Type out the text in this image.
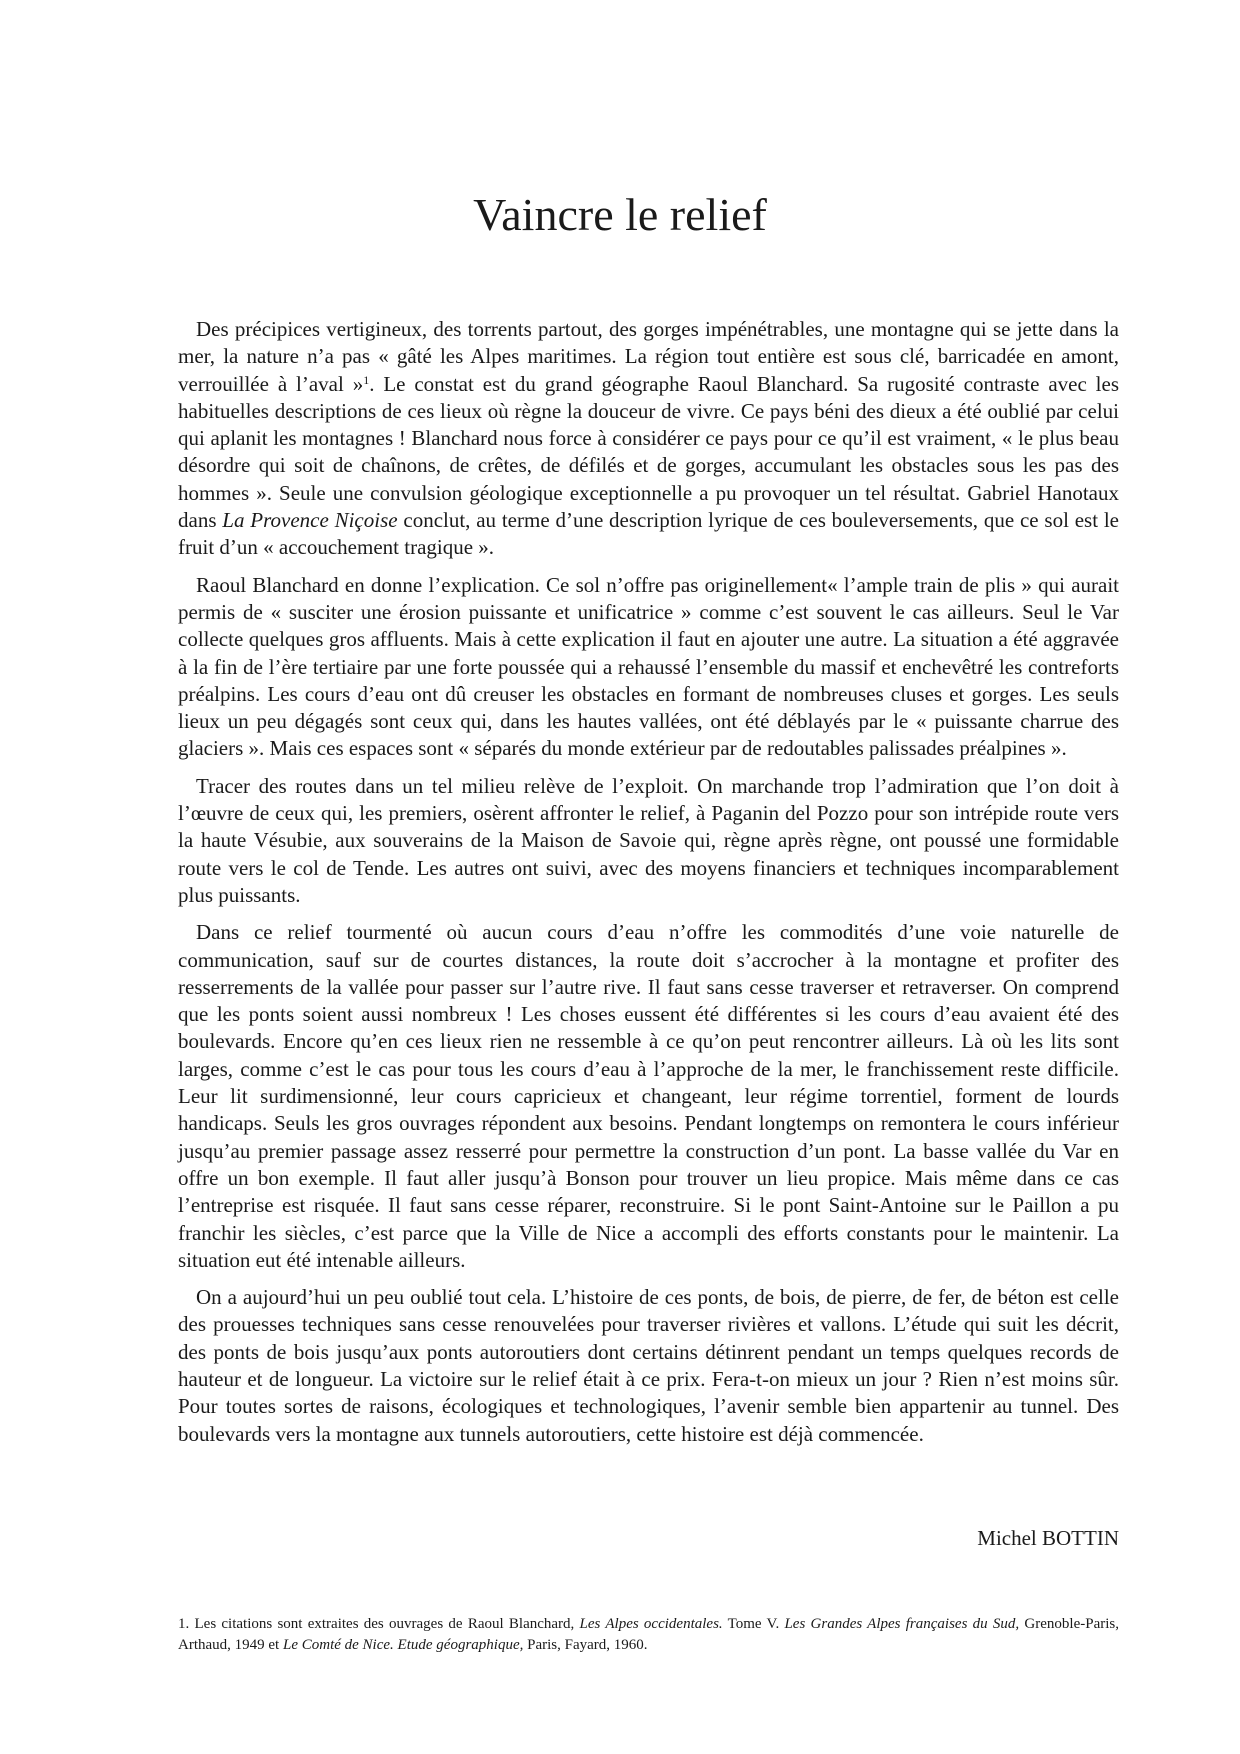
Vaincre le relief

Des précipices vertigineux, des torrents partout, des gorges impénétrables, une montagne qui se jette dans la mer, la nature n’a pas « gâté les Alpes maritimes. La région tout entière est sous clé, barricadée en amont, verrouillée à l’aval »$^1$. Le constat est du grand géographe Raoul Blanchard. Sa rugosité contraste avec les habituelles descriptions de ces lieux où règne la douceur de vivre. Ce pays béni des dieux a été oublié par celui qui aplanit les montagnes ! Blanchard nous force à considérer ce pays pour ce qu’il est vraiment, « le plus beau désordre qui soit de chaînons, de crêtes, de défilés et de gorges, accumulant les obstacles sous les pas des hommes ». Seule une convulsion géologique exceptionnelle a pu provoquer un tel résultat. Gabriel Hanotaux dans La Provence Niçoise conclut, au terme d’une description lyrique de ces bouleversements, que ce sol est le fruit d’un « accouchement tragique ».

Raoul Blanchard en donne l’explication. Ce sol n’offre pas originellement« l’ample train de plis » qui aurait permis de « susciter une érosion puissante et unificatrice » comme c’est souvent le cas ailleurs. Seul le Var collecte quelques gros affluents. Mais à cette explication il faut en ajouter une autre. La situation a été aggravée à la fin de l’ère tertiaire par une forte poussée qui a rehaussé l’ensemble du massif et enchevêtré les contreforts préalpins. Les cours d’eau ont dû creuser les obstacles en formant de nombreuses cluses et gorges. Les seuls lieux un peu dégagés sont ceux qui, dans les hautes vallées, ont été déblayés par le « puissante charrue des glaciers ». Mais ces espaces sont « séparés du monde extérieur par de redoutables palissades préalpines ».

Tracer des routes dans un tel milieu relève de l’exploit. On marchande trop l’admiration que l’on doit à l’œuvre de ceux qui, les premiers, osèrent affronter le relief, à Paganin del Pozzo pour son intrépide route vers la haute Vésubie, aux souverains de la Maison de Savoie qui, règne après règne, ont poussé une formidable route vers le col de Tende. Les autres ont suivi, avec des moyens financiers et techniques incomparablement plus puissants.

Dans ce relief tourmenté où aucun cours d’eau n’offre les commodités d’une voie naturelle de communication, sauf sur de courtes distances, la route doit s’accrocher à la montagne et profiter des resserrements de la vallée pour passer sur l’autre rive. Il faut sans cesse traverser et retraverser. On comprend que les ponts soient aussi nombreux ! Les choses eussent été différentes si les cours d’eau avaient été des boulevards. Encore qu’en ces lieux rien ne ressemble à ce qu’on peut rencontrer ailleurs. Là où les lits sont larges, comme c’est le cas pour tous les cours d’eau à l’approche de la mer, le franchissement reste difficile. Leur lit surdimensionné, leur cours capricieux et changeant, leur régime torrentiel, forment de lourds handicaps. Seuls les gros ouvrages répondent aux besoins. Pendant longtemps on remontera le cours inférieur jusqu’au premier passage assez resserré pour permettre la construction d’un pont. La basse vallée du Var en offre un bon exemple. Il faut aller jusqu’à Bonson pour trouver un lieu propice. Mais même dans ce cas l’entreprise est risquée. Il faut sans cesse réparer, reconstruire. Si le pont Saint-Antoine sur le Paillon a pu franchir les siècles, c’est parce que la Ville de Nice a accompli des efforts constants pour le maintenir. La situation eut été intenable ailleurs.

On a aujourd’hui un peu oublié tout cela. L’histoire de ces ponts, de bois, de pierre, de fer, de béton est celle des prouesses techniques sans cesse renouvelées pour traverser rivières et vallons. L’étude qui suit les décrit, des ponts de bois jusqu’aux ponts autoroutiers dont certains détinrent pendant un temps quelques records de hauteur et de longueur. La victoire sur le relief était à ce prix. Fera-t-on mieux un jour ? Rien n’est moins sûr. Pour toutes sortes de raisons, écologiques et technologiques, l’avenir semble bien appartenir au tunnel. Des boulevards vers la montagne aux tunnels autoroutiers, cette histoire est déjà commencée.

Michel BOTTIN
1. Les citations sont extraites des ouvrages de Raoul Blanchard, Les Alpes occidentales. Tome V. Les Grandes Alpes françaises du Sud, Grenoble-Paris, Arthaud, 1949 et Le Comté de Nice. Etude géographique, Paris, Fayard, 1960.
